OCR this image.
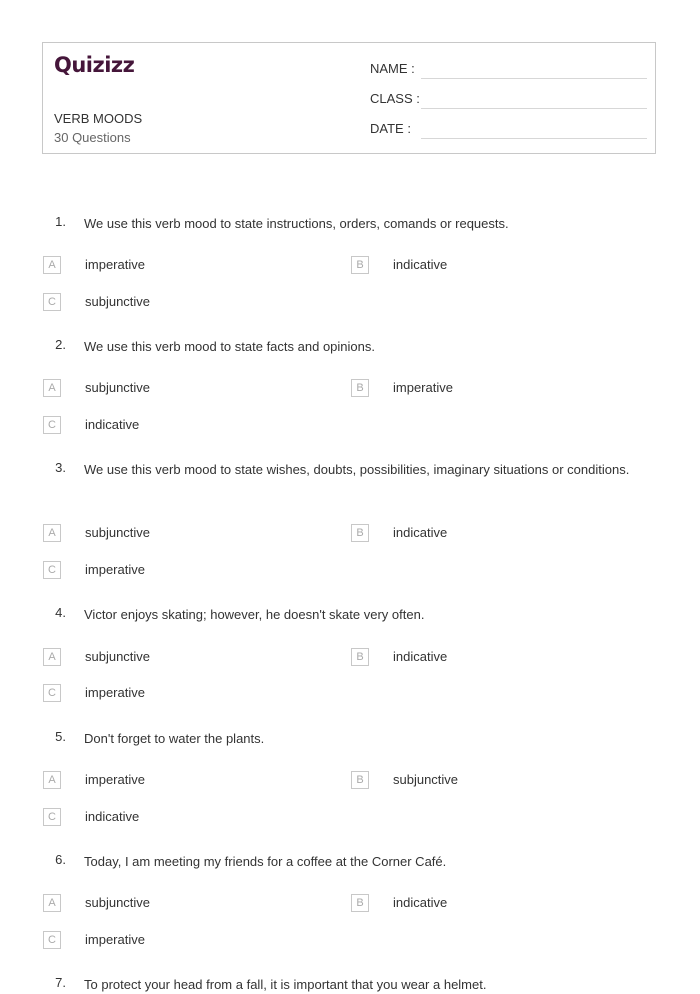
Quizizz
VERB MOODS
30 Questions
NAME :
CLASS :
DATE :
1. We use this verb mood to state instructions, orders, comands or requests.
A	imperative	B	indicative
C	subjunctive
2. We use this verb mood to state facts and opinions.
A	subjunctive	B	imperative
C	indicative
3. We use this verb mood to state wishes, doubts, possibilities, imaginary situations or conditions.
A	subjunctive	B	indicative
C	imperative
4. Victor enjoys skating; however, he doesn't skate very often.
A	subjunctive	B	indicative
C	imperative
5. Don't forget to water the plants.
A	imperative	B	subjunctive
C	indicative
6. Today, I am meeting my friends for a coffee at the Corner Café.
A	subjunctive	B	indicative
C	imperative
7. To protect your head from a fall, it is important that you wear a helmet.
